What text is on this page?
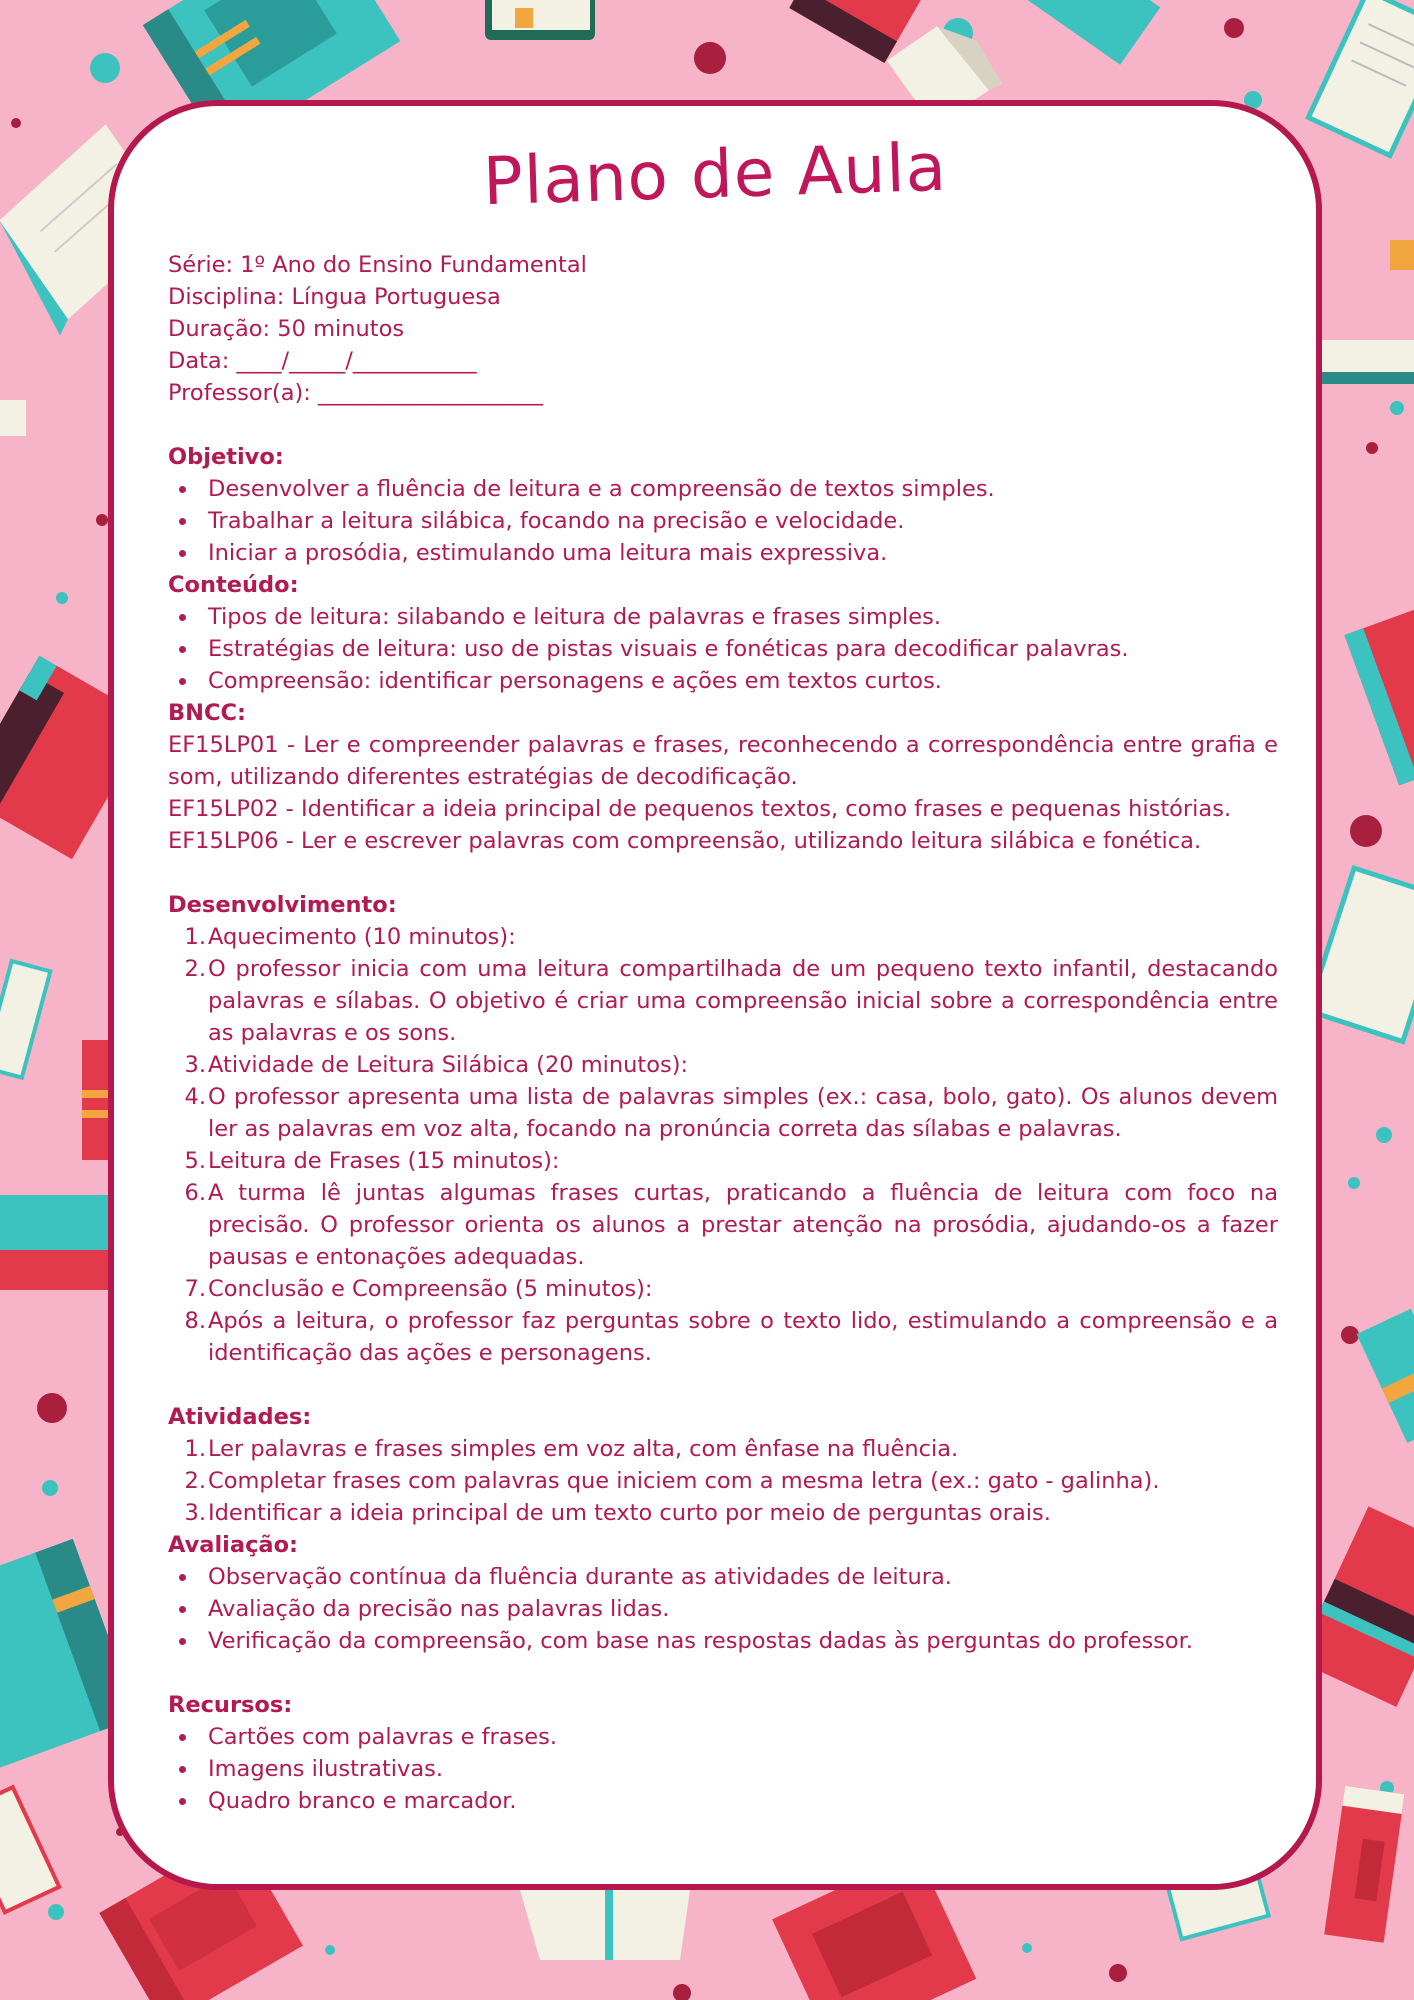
Plano de Aula

Série: 1º Ano do Ensino Fundamental

Disciplina: Língua Portuguesa

Duração: 50 minutos

Data: ____/_____/___________

Professor(a): ____________________

Objetivo:
Desenvolver a fluência de leitura e a compreensão de textos simples.
Trabalhar a leitura silábica, focando na precisão e velocidade.
Iniciar a prosódia, estimulando uma leitura mais expressiva.
Conteúdo:
Tipos de leitura: silabando e leitura de palavras e frases simples.
Estratégias de leitura: uso de pistas visuais e fonéticas para decodificar palavras.
Compreensão: identificar personagens e ações em textos curtos.
BNCC:

EF15LP01 - Ler e compreender palavras e frases, reconhecendo a correspondência entre grafia e som, utilizando diferentes estratégias de decodificação.

EF15LP02 - Identificar a ideia principal de pequenos textos, como frases e pequenas histórias.

EF15LP06 - Ler e escrever palavras com compreensão, utilizando leitura silábica e fonética.

Desenvolvimento:
1. Aquecimento (10 minutos):
2. O professor inicia com uma leitura compartilhada de um pequeno texto infantil, destacando palavras e sílabas. O objetivo é criar uma compreensão inicial sobre a correspondência entre as palavras e os sons.
3. Atividade de Leitura Silábica (20 minutos):
4. O professor apresenta uma lista de palavras simples (ex.: casa, bolo, gato). Os alunos devem ler as palavras em voz alta, focando na pronúncia correta das sílabas e palavras.
5. Leitura de Frases (15 minutos):
6. A turma lê juntas algumas frases curtas, praticando a fluência de leitura com foco na precisão. O professor orienta os alunos a prestar atenção na prosódia, ajudando-os a fazer pausas e entonações adequadas.
7. Conclusão e Compreensão (5 minutos):
8. Após a leitura, o professor faz perguntas sobre o texto lido, estimulando a compreensão e a identificação das ações e personagens.
Atividades:
1. Ler palavras e frases simples em voz alta, com ênfase na fluência.
2. Completar frases com palavras que iniciem com a mesma letra (ex.: gato - galinha).
3. Identificar a ideia principal de um texto curto por meio de perguntas orais.
Avaliação:
Observação contínua da fluência durante as atividades de leitura.
Avaliação da precisão nas palavras lidas.
Verificação da compreensão, com base nas respostas dadas às perguntas do professor.
Recursos:
Cartões com palavras e frases.
Imagens ilustrativas.
Quadro branco e marcador.
